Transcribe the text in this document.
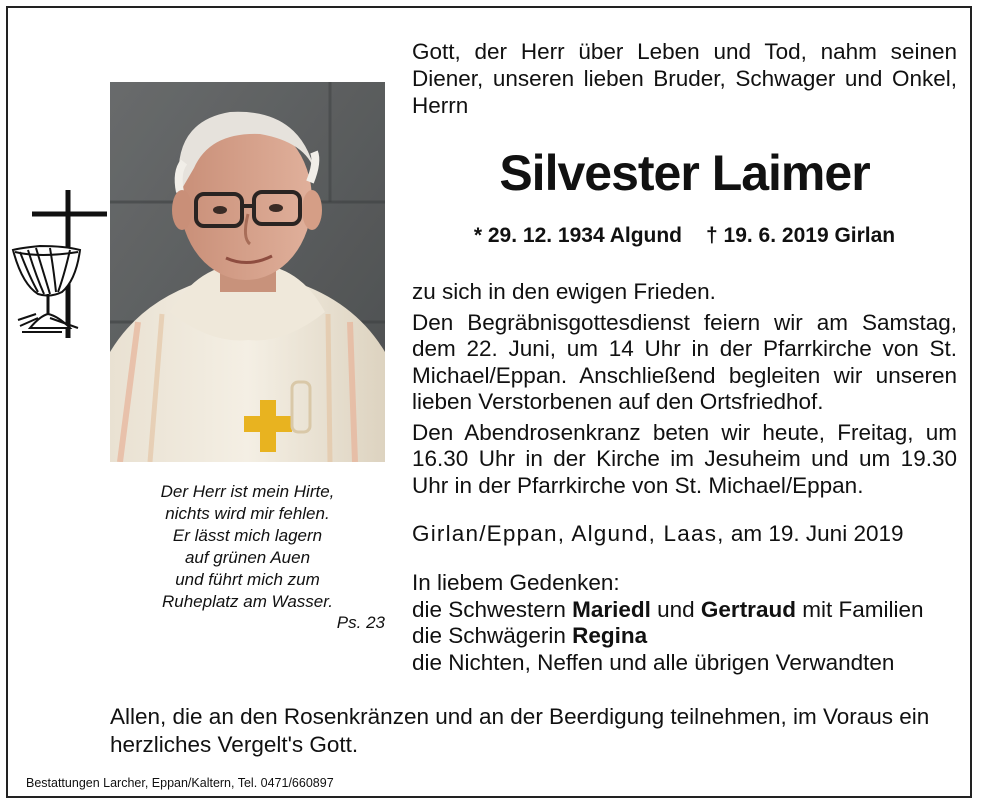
Gott, der Herr über Leben und Tod, nahm seinen
Diener, unseren lieben Bruder, Schwager und Onkel,
Herrn
Silvester Laimer
* 29. 12. 1934 Algund † 19. 6. 2019 Girlan

zu sich in den ewigen Frieden.

Den Begräbnisgottesdienst feiern wir am Samstag, dem 22. Juni, um 14 Uhr in der Pfarrkirche von St. Michael/Eppan. Anschließend begleiten wir unseren lieben Verstorbenen auf den Ortsfriedhof.

Den Abendrosenkranz beten wir heute, Freitag, um 16.30 Uhr in der Kirche im Jesuheim und um 19.30 Uhr in der Pfarrkirche von St. Michael/Eppan.

Girlan/Eppan, Algund, Laas, am 19. Juni 2019
In liebem Gedenken:
die Schwestern Mariedl und Gertraud mit Familien
die Schwägerin Regina
die Nichten, Neffen und alle übrigen Verwandten
Der Herr ist mein Hirte,
nichts wird mir fehlen.
Er lässt mich lagern
auf grünen Auen
und führt mich zum
Ruheplatz am Wasser.
Ps. 23
Allen, die an den Rosenkränzen und an der Beerdigung teilnehmen, im Voraus ein herzliches Vergelt's Gott.
Bestattungen Larcher, Eppan/Kaltern, Tel. 0471/660897
